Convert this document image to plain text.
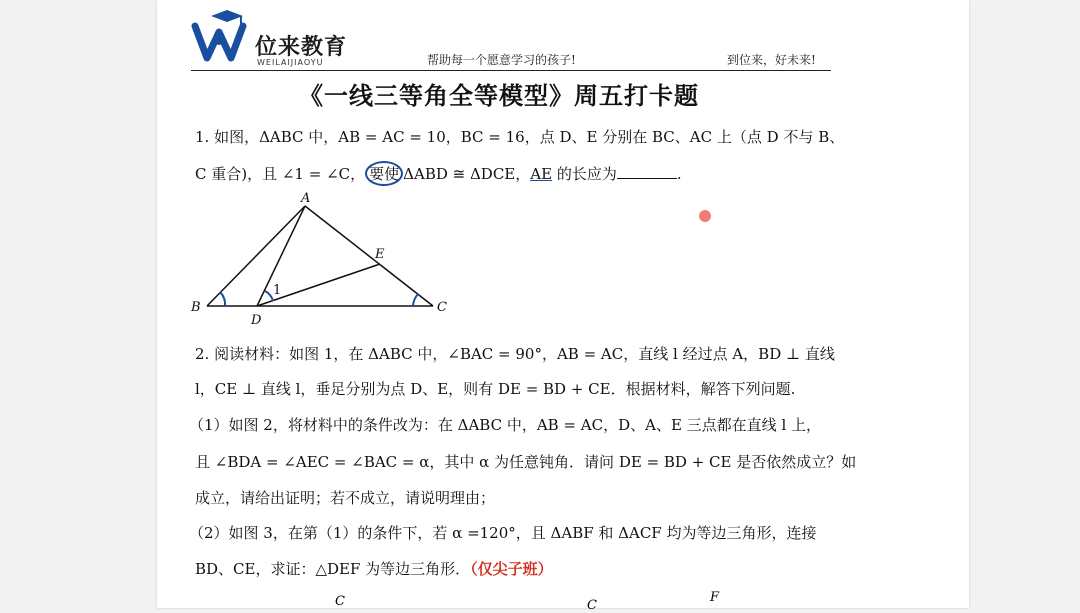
位来教育
WEILAIJIAOYU	帮助每一个愿意学习的孩子!	到位来，好未来!
《一线三等角全等模型》周五打卡题
1. 如图，ΔABC 中，AB = AC = 10，BC = 16，点 D、E 分别在 BC、AC 上（点 D 不与 B、
C 重合)，且 ∠1 = ∠C， 要使 ΔABD ≅ ΔDCE，AE 的长应为	.
A
B	C
D
E
1
2. 阅读材料：如图 1，在 ΔABC 中，∠BAC = 90°，AB = AC，直线 l 经过点 A，BD ⊥ 直线
l，CE ⊥ 直线 l，垂足分别为点 D、E，则有 DE = BD + CE．根据材料，解答下列问题.
（1）如图 2，将材料中的条件改为：在 ΔABC 中，AB = AC，D、A、E 三点都在直线 l 上，
且 ∠BDA = ∠AEC = ∠BAC = α，其中 α 为任意钝角．请问 DE = BD + CE 是否依然成立？如
成立，请给出证明；若不成立，请说明理由；
（2）如图 3，在第（1）的条件下，若 α =120°，且 ΔABF 和 ΔACF 均为等边三角形，连接
BD、CE，求证：△DEF 为等边三角形．（仅尖子班）
C	C
F
